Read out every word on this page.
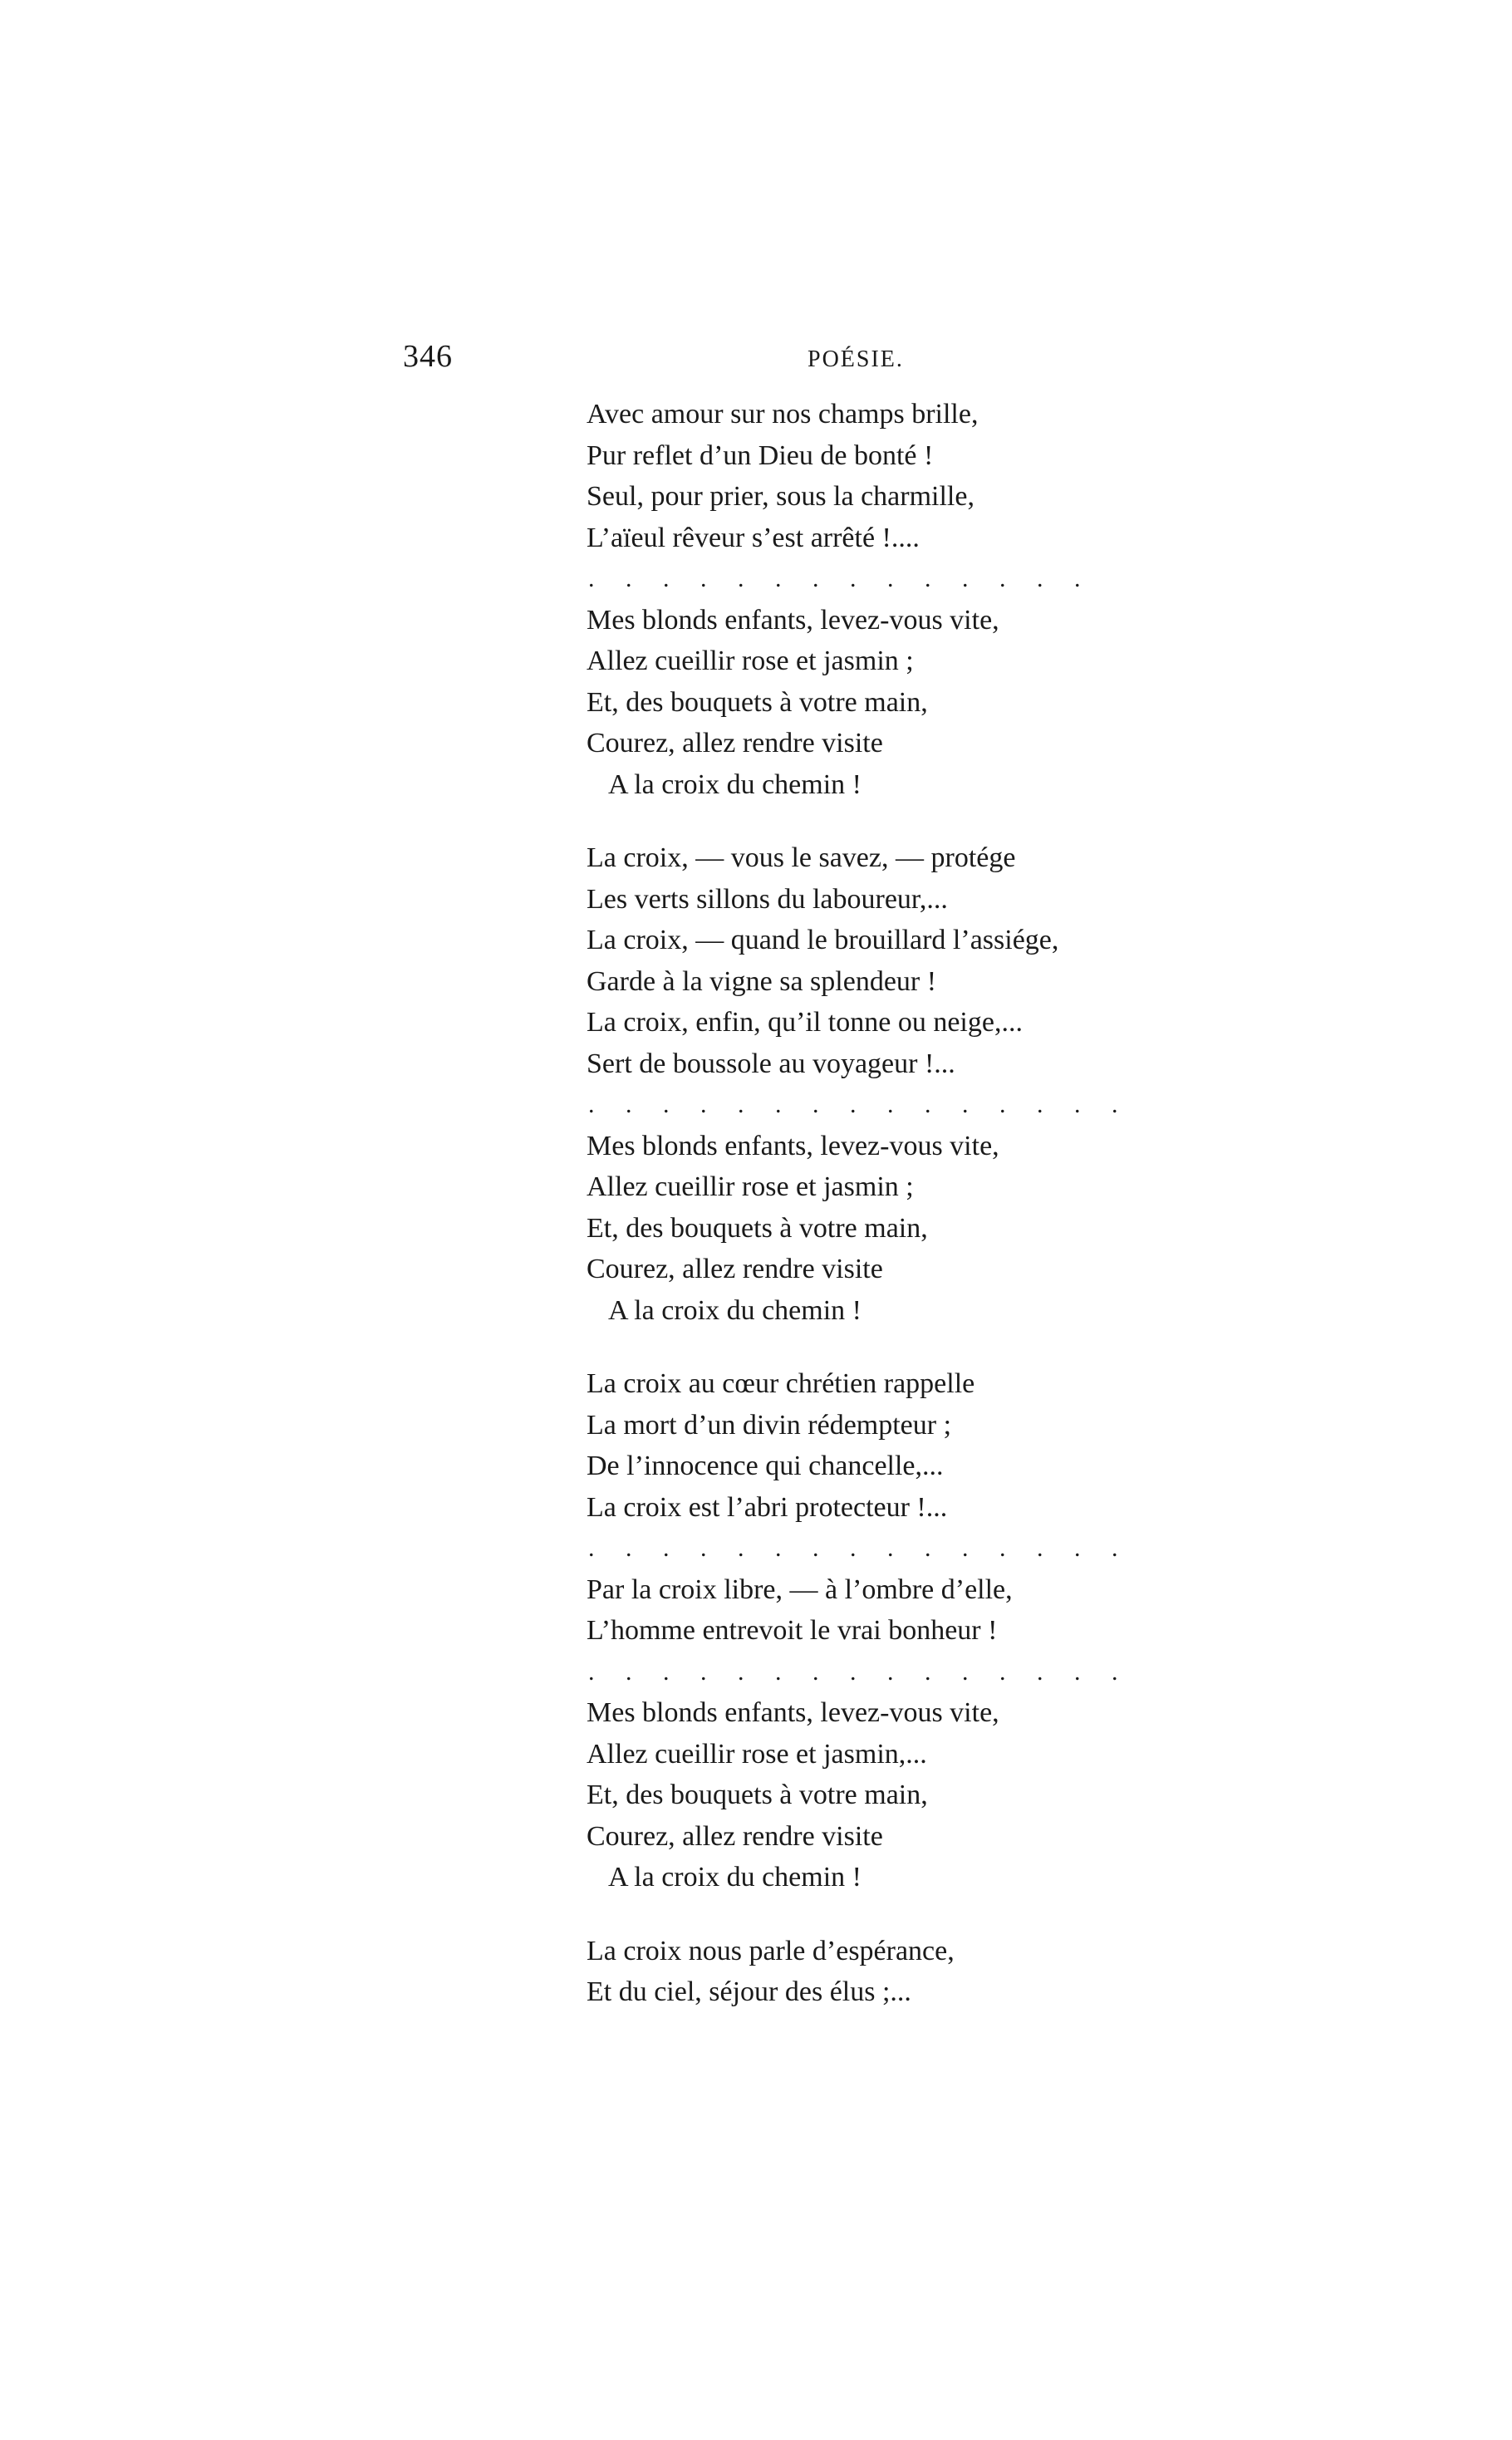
346	POÉSIE.
Avec amour sur nos champs brille,
Pur reflet d’un Dieu de bonté !
Seul, pour prier, sous la charmille,
L’aïeul rêveur s’est arrêté !....
. . . . . . . . . . . . . .
Mes blonds enfants, levez-vous vite,
Allez cueillir rose et jasmin ;
Et, des bouquets à votre main,
Courez, allez rendre visite
A la croix du chemin !
La croix, — vous le savez, — protége
Les verts sillons du laboureur,...
La croix, — quand le brouillard l’assiége,
Garde à la vigne sa splendeur !
La croix, enfin, qu’il tonne ou neige,...
Sert de boussole au voyageur !...
. . . . . . . . . . . . . . .
Mes blonds enfants, levez-vous vite,
Allez cueillir rose et jasmin ;
Et, des bouquets à votre main,
Courez, allez rendre visite
A la croix du chemin !
La croix au cœur chrétien rappelle
La mort d’un divin rédempteur ;
De l’innocence qui chancelle,...
La croix est l’abri protecteur !...
. . . . . . . . . . . . . . .
Par la croix libre, — à l’ombre d’elle,
L’homme entrevoit le vrai bonheur !
. . . . . . . . . . . . . . .
Mes blonds enfants, levez-vous vite,
Allez cueillir rose et jasmin,...
Et, des bouquets à votre main,
Courez, allez rendre visite
A la croix du chemin !
La croix nous parle d’espérance,
Et du ciel, séjour des élus ;...
